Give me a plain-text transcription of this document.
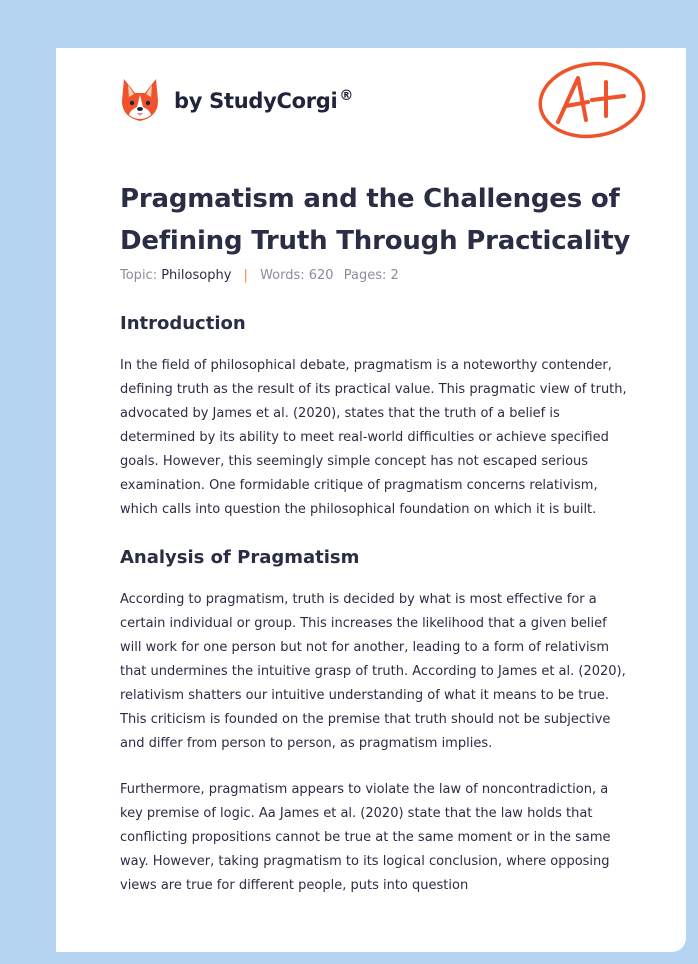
by StudyCorgi ®
Pragmatism and the Challenges of Defining Truth Through Practicality
Topic: Philosophy | Words: 620 Pages: 2
Introduction

In the field of philosophical debate, pragmatism is a noteworthy contender, defining truth as the result of its practical value. This pragmatic view of truth, advocated by James et al. (2020), states that the truth of a belief is determined by its ability to meet real-world difficulties or achieve specified goals. However, this seemingly simple concept has not escaped serious examination. One formidable critique of pragmatism concerns relativism, which calls into question the philosophical foundation on which it is built.

Analysis of Pragmatism

According to pragmatism, truth is decided by what is most effective for a certain individual or group. This increases the likelihood that a given belief will work for one person but not for another, leading to a form of relativism that undermines the intuitive grasp of truth. According to James et al. (2020), relativism shatters our intuitive understanding of what it means to be true. This criticism is founded on the premise that truth should not be subjective and differ from person to person, as pragmatism implies.

Furthermore, pragmatism appears to violate the law of noncontradiction, a key premise of logic. Aa James et al. (2020) state that the law holds that conflicting propositions cannot be true at the same moment or in the same way. However, taking pragmatism to its logical conclusion, where opposing views are true for different people, puts into question
